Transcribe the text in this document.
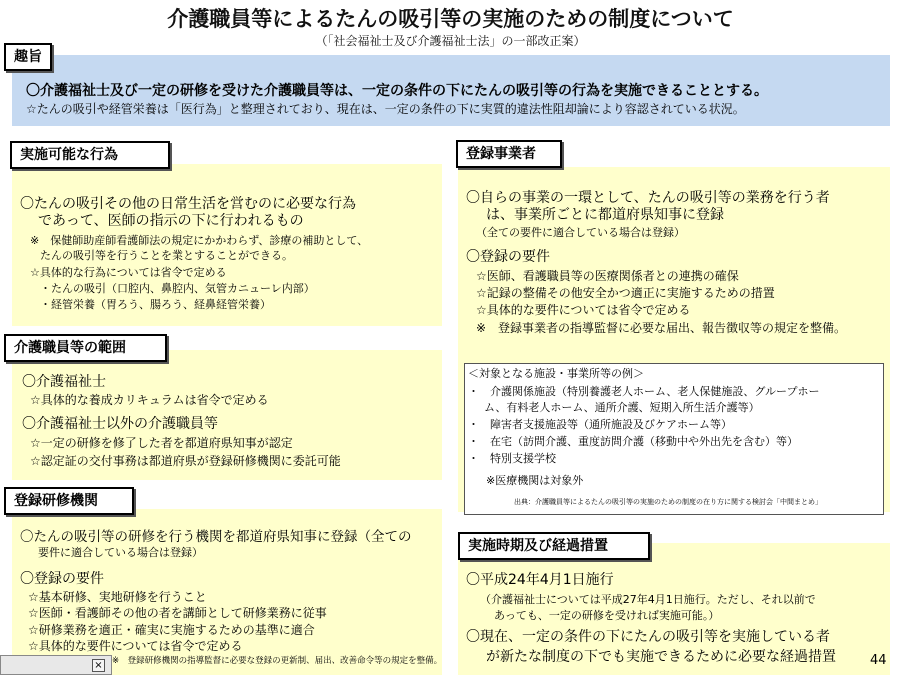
介護職員等によるたんの吸引等の実施のための制度について
（「社会福祉士及び介護福祉士法」の一部改正案）
趣旨
〇介護福祉士及び一定の研修を受けた介護職員等は、一定の条件の下にたんの吸引等の行為を実施できることとする。
☆たんの吸引や経管栄養は「医行為」と整理されており、現在は、一定の条件の下に実質的違法性阻却論により容認されている状況。
実施可能な行為
〇たんの吸引その他の日常生活を営むのに必要な行為
であって、医師の指示の下に行われるもの
※　保健師助産師看護師法の規定にかかわらず、診療の補助として、
たんの吸引等を行うことを業とすることができる。
☆具体的な行為については省令で定める
・たんの吸引（口腔内、鼻腔内、気管カニューレ内部）
・経管栄養（胃ろう、腸ろう、経鼻経管栄養）
介護職員等の範囲
〇介護福祉士
☆具体的な養成カリキュラムは省令で定める
〇介護福祉士以外の介護職員等
☆一定の研修を修了した者を都道府県知事が認定
☆認定証の交付事務は都道府県が登録研修機関に委託可能
登録研修機関
〇たんの吸引等の研修を行う機関を都道府県知事に登録（全ての
要件に適合している場合は登録）
〇登録の要件
☆基本研修、実地研修を行うこと
☆医師・看護師その他の者を講師として研修業務に従事
☆研修業務を適正・確実に実施するための基準に適合
☆具体的な要件については省令で定める
※　登録研修機関の指導監督に必要な登録の更新制、届出、改善命令等の規定を整備。
登録事業者
〇自らの事業の一環として、たんの吸引等の業務を行う者
は、事業所ごとに都道府県知事に登録
（全ての要件に適合している場合は登録）
〇登録の要件
☆医師、看護職員等の医療関係者との連携の確保
☆記録の整備その他安全かつ適正に実施するための措置
☆具体的な要件については省令で定める
※　登録事業者の指導監督に必要な届出、報告徴収等の規定を整備。
＜対象となる施設・事業所等の例＞
・　介護関係施設（特別養護老人ホーム、老人保健施設、グループホー
ム、有料老人ホーム、通所介護、短期入所生活介護等）
・　障害者支援施設等（通所施設及びケアホーム等）
・　在宅（訪問介護、重度訪問介護（移動中や外出先を含む）等）
・　特別支援学校
※医療機関は対象外
出典：介護職員等によるたんの吸引等の実施のための制度の在り方に関する検討会「中間まとめ」
実施時期及び経過措置
〇平成24年4月1日施行
（介護福祉士については平成27年4月1日施行。ただし、それ以前で
あっても、一定の研修を受ければ実施可能。）
〇現在、一定の条件の下にたんの吸引等を実施している者
が新たな制度の下でも実施できるために必要な経過措置	44
×
